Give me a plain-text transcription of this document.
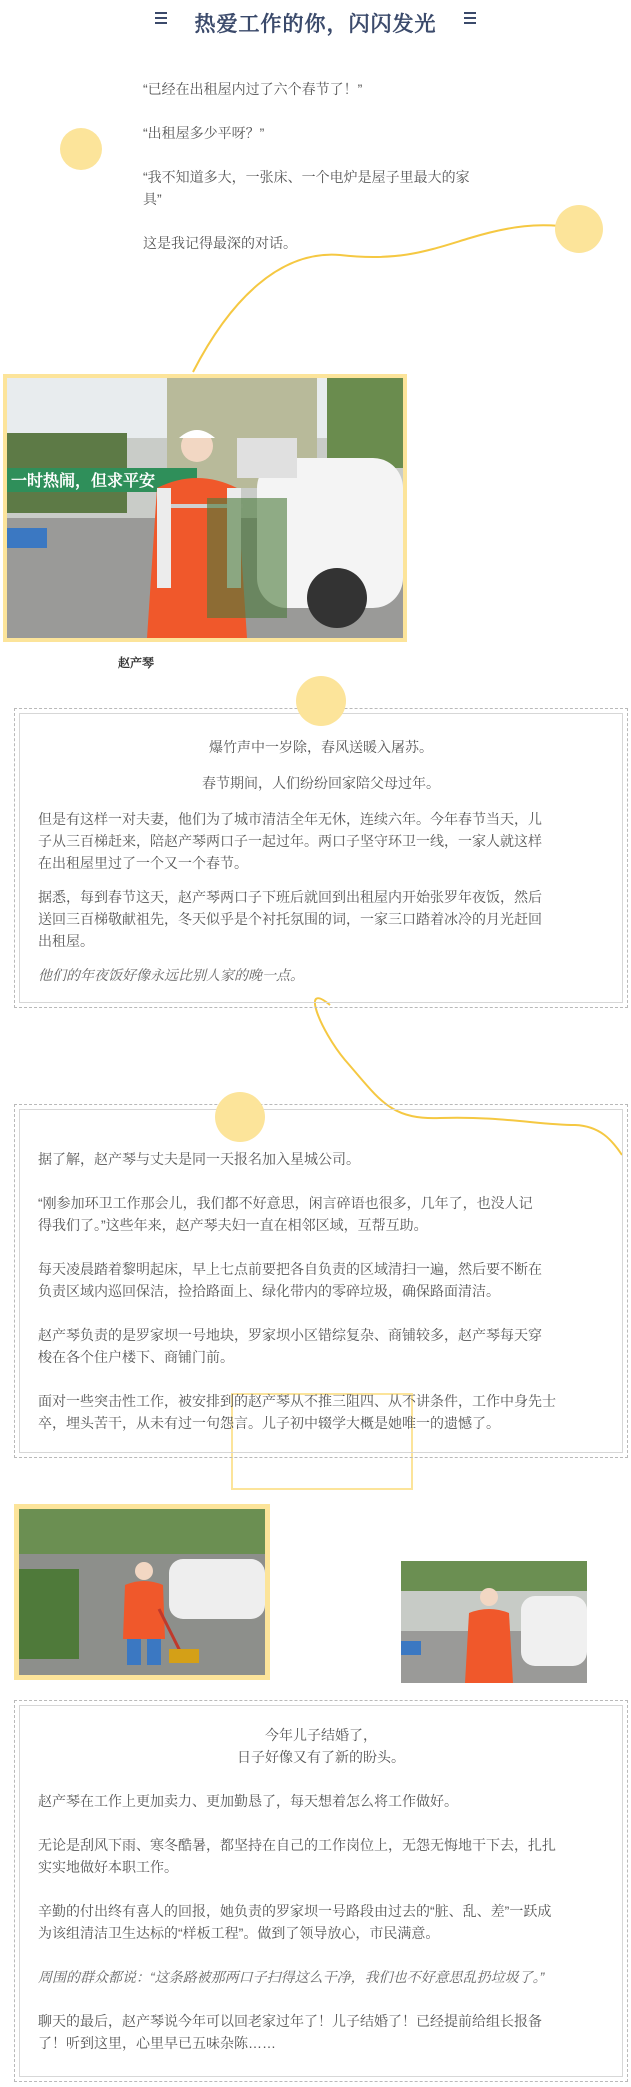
热爱工作的你，闪闪发光

“已经在出租屋内过了六个春节了！”

“出租屋多少平呀？”

“我不知道多大，一张床、一个电炉是屋子里最大的家

具”

这是我记得最深的对话。

一时热闹，但求平安
赵产琴
爆竹声中一岁除，春风送暖入屠苏。
春节期间，人们纷纷回家陪父母过年。
但是有这样一对夫妻，他们为了城市清洁全年无休，连续六年。今年春节当天，儿
子从三百梯赶来，陪赵产琴两口子一起过年。两口子坚守环卫一线，一家人就这样
在出租屋里过了一个又一个春节。
据悉，每到春节这天，赵产琴两口子下班后就回到出租屋内开始张罗年夜饭，然后
送回三百梯敬献祖先，冬天似乎是个衬托氛围的词，一家三口踏着冰冷的月光赶回
出租屋。
他们的年夜饭好像永远比别人家的晚一点。
据了解，赵产琴与丈夫是同一天报名加入星城公司。
“刚参加环卫工作那会儿，我们都不好意思，闲言碎语也很多，几年了，也没人记
得我们了。”这些年来，赵产琴夫妇一直在相邻区域，互帮互助。
每天凌晨踏着黎明起床，早上七点前要把各自负责的区域清扫一遍，然后要不断在
负责区域内巡回保洁，捡拾路面上、绿化带内的零碎垃圾，确保路面清洁。
赵产琴负责的是罗家坝一号地块，罗家坝小区错综复杂、商铺较多，赵产琴每天穿
梭在各个住户楼下、商铺门前。
面对一些突击性工作，被安排到的赵产琴从不推三阻四、从不讲条件，工作中身先士
卒，埋头苦干，从未有过一句怨言。儿子初中辍学大概是她唯一的遗憾了。
今年儿子结婚了，
日子好像又有了新的盼头。
赵产琴在工作上更加卖力、更加勤恳了，每天想着怎么将工作做好。
无论是刮风下雨、寒冬酷暑，都坚持在自己的工作岗位上，无怨无悔地干下去，扎扎
实实地做好本职工作。
辛勤的付出终有喜人的回报，她负责的罗家坝一号路段由过去的“脏、乱、差”一跃成
为该组清洁卫生达标的“样板工程”。做到了领导放心，市民满意。
周围的群众都说：“这条路被那两口子扫得这么干净，我们也不好意思乱扔垃圾了。”
聊天的最后，赵产琴说今年可以回老家过年了！儿子结婚了！已经提前给组长报备
了！听到这里，心里早已五味杂陈……
